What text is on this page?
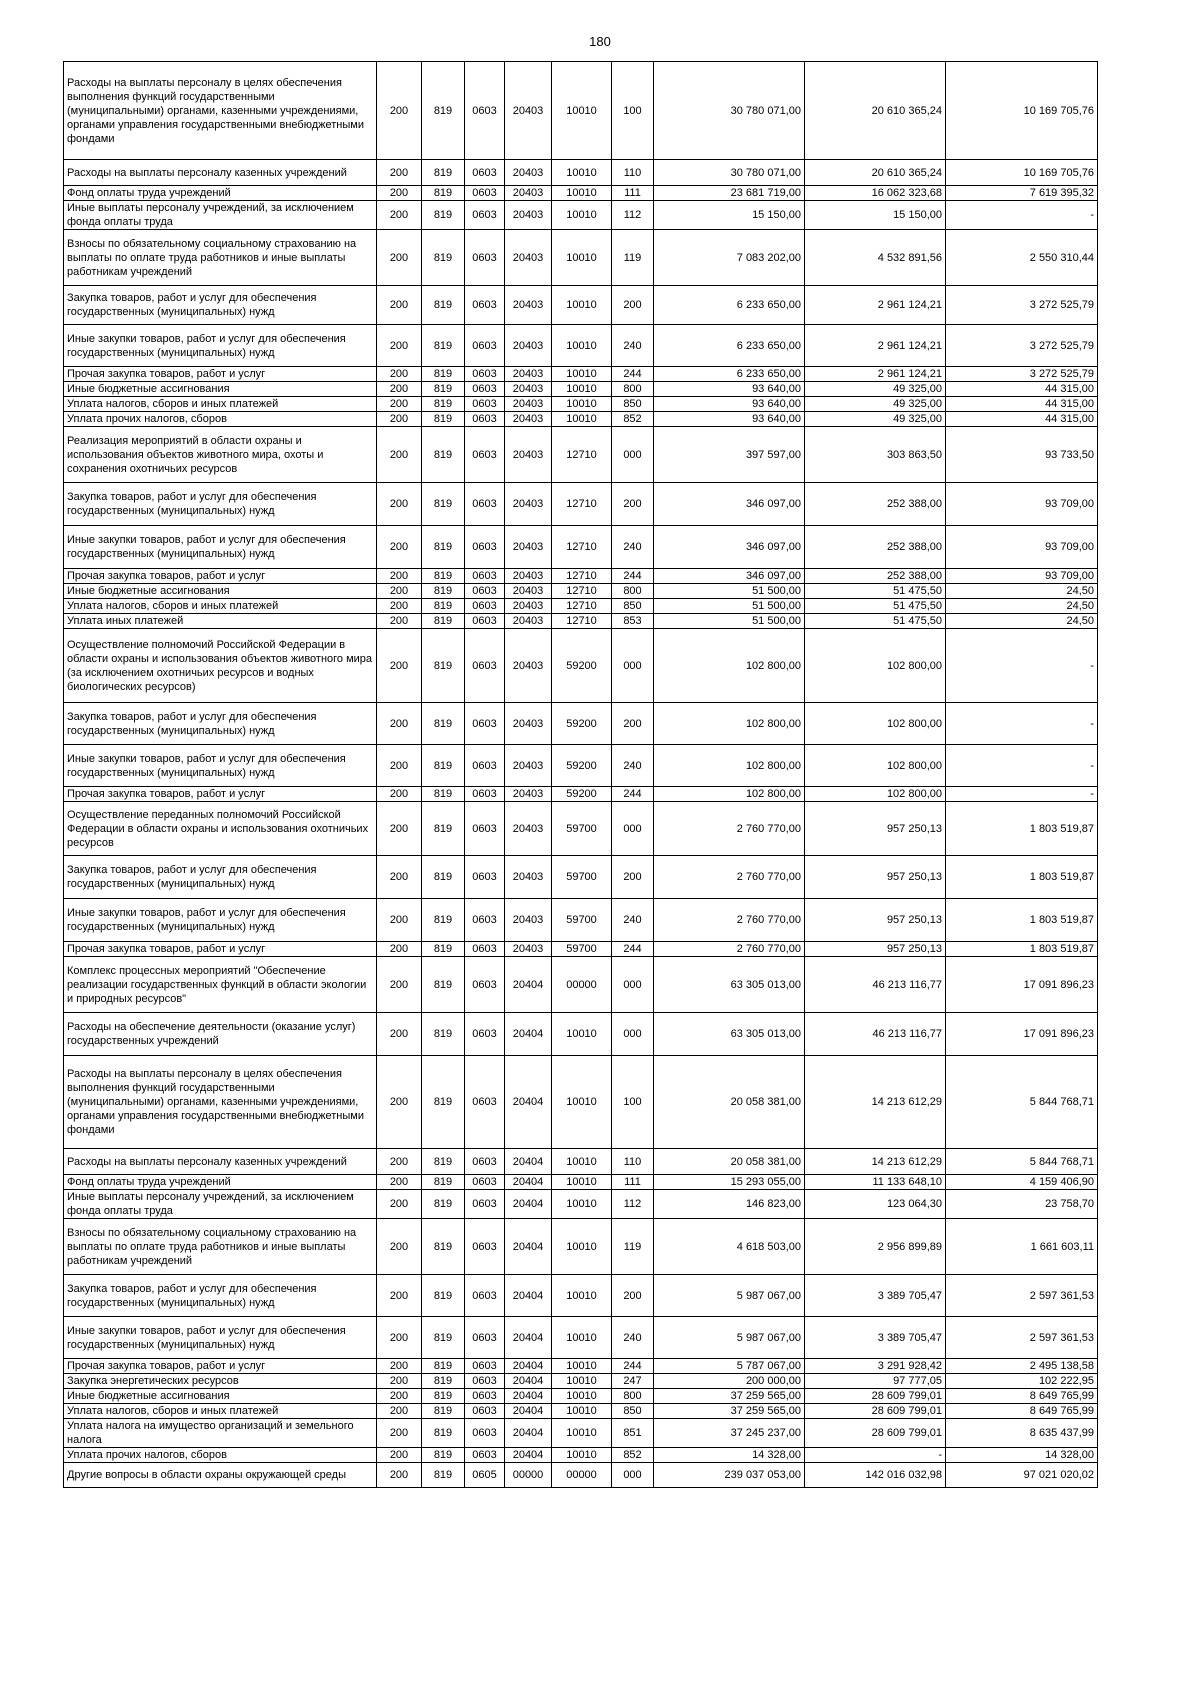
180
Расходы на выплаты персоналу в целях обеспечения выполнения функций государственными (муниципальными) органами, казенными учреждениями, органами управления государственными внебюджетными фондами	200	819	0603	20403	10010	100	30 780 071,00	20 610 365,24	10 169 705,76
Расходы на выплаты персоналу казенных учреждений	200	819	0603	20403	10010	110	30 780 071,00	20 610 365,24	10 169 705,76
Фонд оплаты труда учреждений	200	819	0603	20403	10010	111	23 681 719,00	16 062 323,68	7 619 395,32
Иные выплаты персоналу учреждений, за исключением фонда оплаты труда	200	819	0603	20403	10010	112	15 150,00	15 150,00	-
Взносы по обязательному социальному страхованию на выплаты по оплате труда работников и иные выплаты работникам учреждений	200	819	0603	20403	10010	119	7 083 202,00	4 532 891,56	2 550 310,44
Закупка товаров, работ и услуг для обеспечения государственных (муниципальных) нужд	200	819	0603	20403	10010	200	6 233 650,00	2 961 124,21	3 272 525,79
Иные закупки товаров, работ и услуг для обеспечения государственных (муниципальных) нужд	200	819	0603	20403	10010	240	6 233 650,00	2 961 124,21	3 272 525,79
Прочая закупка товаров, работ и услуг	200	819	0603	20403	10010	244	6 233 650,00	2 961 124,21	3 272 525,79
Иные бюджетные ассигнования	200	819	0603	20403	10010	800	93 640,00	49 325,00	44 315,00
Уплата налогов, сборов и иных платежей	200	819	0603	20403	10010	850	93 640,00	49 325,00	44 315,00
Уплата прочих налогов, сборов	200	819	0603	20403	10010	852	93 640,00	49 325,00	44 315,00
Реализация мероприятий в области охраны и использования объектов животного мира, охоты и сохранения охотничьих ресурсов	200	819	0603	20403	12710	000	397 597,00	303 863,50	93 733,50
Закупка товаров, работ и услуг для обеспечения государственных (муниципальных) нужд	200	819	0603	20403	12710	200	346 097,00	252 388,00	93 709,00
Иные закупки товаров, работ и услуг для обеспечения государственных (муниципальных) нужд	200	819	0603	20403	12710	240	346 097,00	252 388,00	93 709,00
Прочая закупка товаров, работ и услуг	200	819	0603	20403	12710	244	346 097,00	252 388,00	93 709,00
Иные бюджетные ассигнования	200	819	0603	20403	12710	800	51 500,00	51 475,50	24,50
Уплата налогов, сборов и иных платежей	200	819	0603	20403	12710	850	51 500,00	51 475,50	24,50
Уплата иных платежей	200	819	0603	20403	12710	853	51 500,00	51 475,50	24,50
Осуществление полномочий Российской Федерации в области охраны и использования объектов животного мира (за исключением охотничьих ресурсов и водных биологических ресурсов)	200	819	0603	20403	59200	000	102 800,00	102 800,00	-
Закупка товаров, работ и услуг для обеспечения государственных (муниципальных) нужд	200	819	0603	20403	59200	200	102 800,00	102 800,00	-
Иные закупки товаров, работ и услуг для обеспечения государственных (муниципальных) нужд	200	819	0603	20403	59200	240	102 800,00	102 800,00	-
Прочая закупка товаров, работ и услуг	200	819	0603	20403	59200	244	102 800,00	102 800,00	-
Осуществление переданных полномочий Российской Федерации в области охраны и использования охотничьих ресурсов	200	819	0603	20403	59700	000	2 760 770,00	957 250,13	1 803 519,87
Закупка товаров, работ и услуг для обеспечения государственных (муниципальных) нужд	200	819	0603	20403	59700	200	2 760 770,00	957 250,13	1 803 519,87
Иные закупки товаров, работ и услуг для обеспечения государственных (муниципальных) нужд	200	819	0603	20403	59700	240	2 760 770,00	957 250,13	1 803 519,87
Прочая закупка товаров, работ и услуг	200	819	0603	20403	59700	244	2 760 770,00	957 250,13	1 803 519,87
Комплекс процессных мероприятий "Обеспечение реализации государственных функций в области экологии и природных ресурсов"	200	819	0603	20404	00000	000	63 305 013,00	46 213 116,77	17 091 896,23
Расходы на обеспечение деятельности (оказание услуг) государственных учреждений	200	819	0603	20404	10010	000	63 305 013,00	46 213 116,77	17 091 896,23
Расходы на выплаты персоналу в целях обеспечения выполнения функций государственными (муниципальными) органами, казенными учреждениями, органами управления государственными внебюджетными фондами	200	819	0603	20404	10010	100	20 058 381,00	14 213 612,29	5 844 768,71
Расходы на выплаты персоналу казенных учреждений	200	819	0603	20404	10010	110	20 058 381,00	14 213 612,29	5 844 768,71
Фонд оплаты труда учреждений	200	819	0603	20404	10010	111	15 293 055,00	11 133 648,10	4 159 406,90
Иные выплаты персоналу учреждений, за исключением фонда оплаты труда	200	819	0603	20404	10010	112	146 823,00	123 064,30	23 758,70
Взносы по обязательному социальному страхованию на выплаты по оплате труда работников и иные выплаты работникам учреждений	200	819	0603	20404	10010	119	4 618 503,00	2 956 899,89	1 661 603,11
Закупка товаров, работ и услуг для обеспечения государственных (муниципальных) нужд	200	819	0603	20404	10010	200	5 987 067,00	3 389 705,47	2 597 361,53
Иные закупки товаров, работ и услуг для обеспечения государственных (муниципальных) нужд	200	819	0603	20404	10010	240	5 987 067,00	3 389 705,47	2 597 361,53
Прочая закупка товаров, работ и услуг	200	819	0603	20404	10010	244	5 787 067,00	3 291 928,42	2 495 138,58
Закупка энергетических ресурсов	200	819	0603	20404	10010	247	200 000,00	97 777,05	102 222,95
Иные бюджетные ассигнования	200	819	0603	20404	10010	800	37 259 565,00	28 609 799,01	8 649 765,99
Уплата налогов, сборов и иных платежей	200	819	0603	20404	10010	850	37 259 565,00	28 609 799,01	8 649 765,99
Уплата налога на имущество организаций и земельного налога	200	819	0603	20404	10010	851	37 245 237,00	28 609 799,01	8 635 437,99
Уплата прочих налогов, сборов	200	819	0603	20404	10010	852	14 328,00	-	14 328,00
Другие вопросы в области охраны окружающей среды	200	819	0605	00000	00000	000	239 037 053,00	142 016 032,98	97 021 020,02
